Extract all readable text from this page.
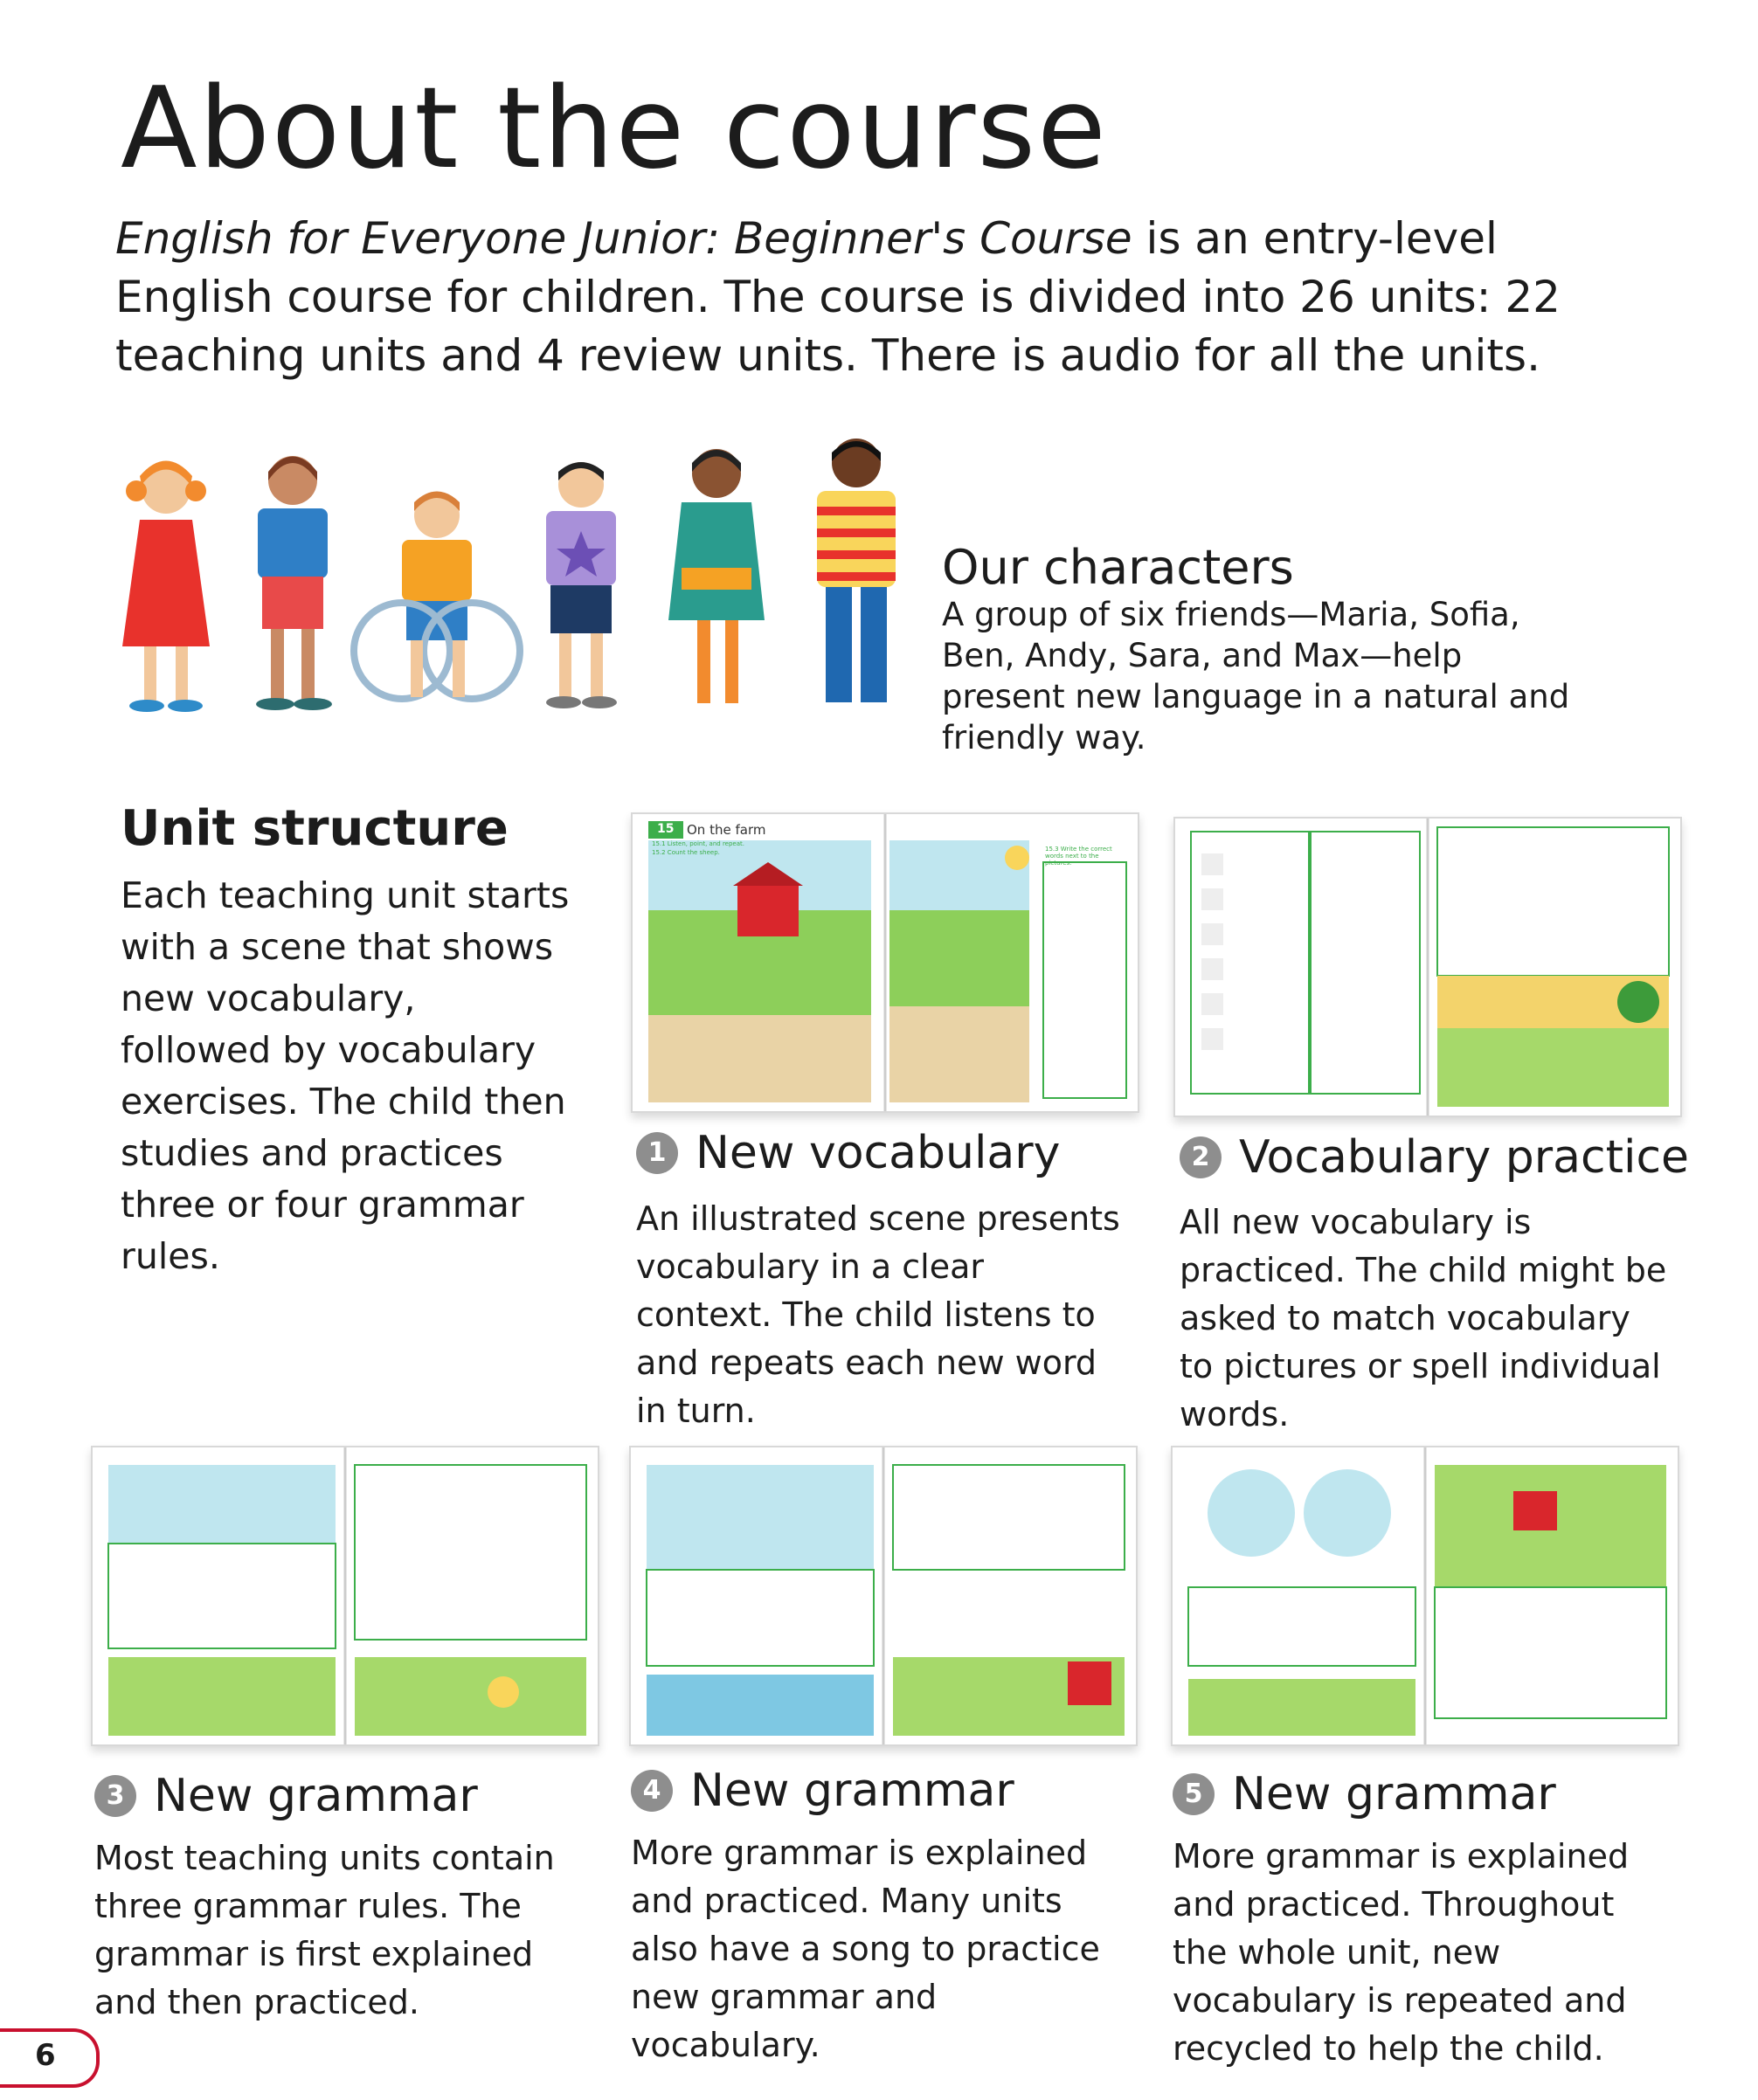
About the course
English for Everyone Junior: Beginner's Course is an entry-level English course for children. The course is divided into 26 units: 22 teaching units and 4 review units. There is audio for all the units.
Our characters
A group of six friends—Maria, Sofia, Ben, Andy, Sara, and Max—help present new language in a natural and friendly way.
Unit structure
Each teaching unit starts with a scene that shows new vocabulary, followed by vocabulary exercises. The child then studies and practices three or four grammar rules.
15 On the farm
15.1 Listen, point, and repeat.
15.2 Count the sheep.	15.3 Write the correct words next to the pictures.
1 New vocabulary
An illustrated scene presents vocabulary in a clear context. The child listens to and repeats each new word in turn.
2 Vocabulary practice
All new vocabulary is practiced. The child might be asked to match vocabulary to pictures or spell individual words.
3 New grammar
Most teaching units contain three grammar rules. The grammar is first explained and then practiced.
4 New grammar
More grammar is explained and practiced. Many units also have a song to practice new grammar and vocabulary.
5 New grammar
More grammar is explained and practiced. Throughout the whole unit, new vocabulary is repeated and recycled to help the child.
6
